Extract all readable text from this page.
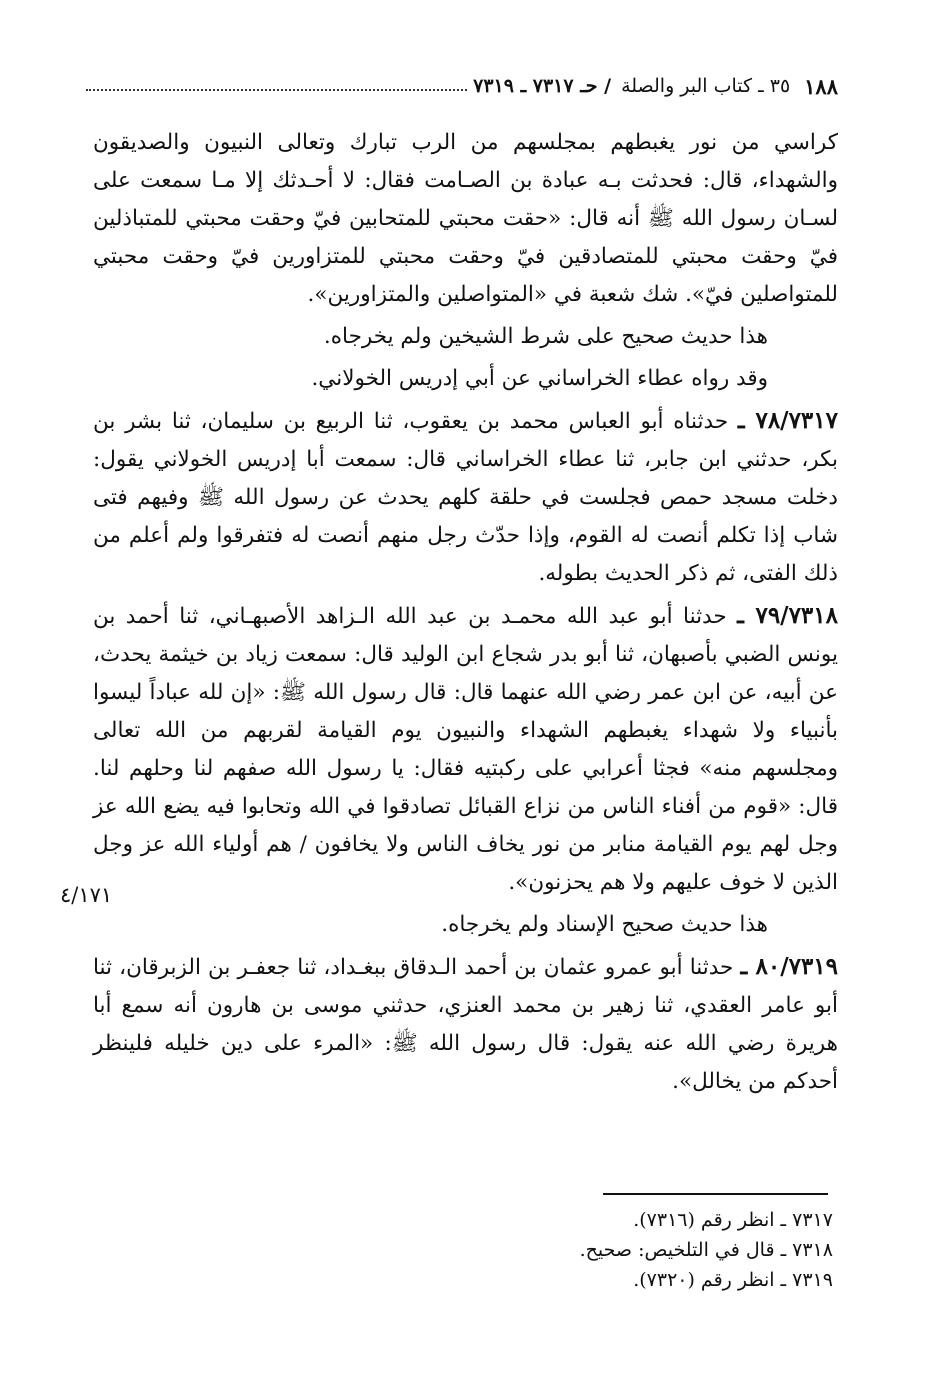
١٨٨
٣٥ ـ كتاب البر والصلة
/ حـ ٧٣١٧ ـ ٧٣١٩

كراسي من نور يغبطهم بمجلسهم من الرب تبارك وتعالى النبيون والصديقون والشهداء، قال: فحدثت بـه عبادة بن الصـامت فقال: لا أحـدثك إلا مـا سمعت على لسـان رسول الله ﷺ أنه قال: «حقت محبتي للمتحابين فيّ وحقت محبتي للمتباذلين فيّ وحقت محبتي للمتصادقين فيّ وحقت محبتي للمتزاورين فيّ وحقت محبتي للمتواصلين فيّ». شك شعبة في «المتواصلين والمتزاورين».

هذا حديث صحيح على شرط الشيخين ولم يخرجاه.

وقد رواه عطاء الخراساني عن أبي إدريس الخولاني.

٧٨/٧٣١٧ ـ حدثناه أبو العباس محمد بن يعقوب، ثنا الربيع بن سليمان، ثنا بشر بن بكر، حدثني ابن جابر، ثنا عطاء الخراساني قال: سمعت أبا إدريس الخولاني يقول: دخلت مسجد حمص فجلست في حلقة كلهم يحدث عن رسول الله ﷺ وفيهم فتى شاب إذا تكلم أنصت له القوم، وإذا حدّث رجل منهم أنصت له فتفرقوا ولم أعلم من ذلك الفتى، ثم ذكر الحديث بطوله.

٧٩/٧٣١٨ ـ حدثنا أبو عبد الله محمـد بن عبد الله الـزاهد الأصبهـاني، ثنا أحمد بن يونس الضبي بأصبهان، ثنا أبو بدر شجاع ابن الوليد قال: سمعت زياد بن خيثمة يحدث، عن أبيه، عن ابن عمر رضي الله عنهما قال: قال رسول الله ﷺ: «إن لله عباداً ليسوا بأنبياء ولا شهداء يغبطهم الشهداء والنبيون يوم القيامة لقربهم من الله تعالى ومجلسهم منه» فجثا أعرابي على ركبتيه فقال: يا رسول الله صفهم لنا وحلهم لنا. قال: «قوم من أفناء الناس من نزاع القبائل تصادقوا في الله وتحابوا فيه يضع الله عز وجل لهم يوم القيامة منابر من نور يخاف الناس ولا يخافون / هم أولياء الله عز وجل الذين لا خوف عليهم ولا هم يحزنون».

هذا حديث صحيح الإسناد ولم يخرجاه.

٨٠/٧٣١٩ ـ حدثنا أبو عمرو عثمان بن أحمد الـدقاق ببغـداد، ثنا جعفـر بن الزبرقان، ثنا أبو عامر العقدي، ثنا زهير بن محمد العنزي، حدثني موسى بن هارون أنه سمع أبا هريرة رضي الله عنه يقول: قال رسول الله ﷺ: «المرء على دين خليله فلينظر أحدكم من يخالل».

٤/١٧١

٧٣١٧ ـ انظر رقم (٧٣١٦).

٧٣١٨ ـ قال في التلخيص: صحيح.

٧٣١٩ ـ انظر رقم (٧٣٢٠).
